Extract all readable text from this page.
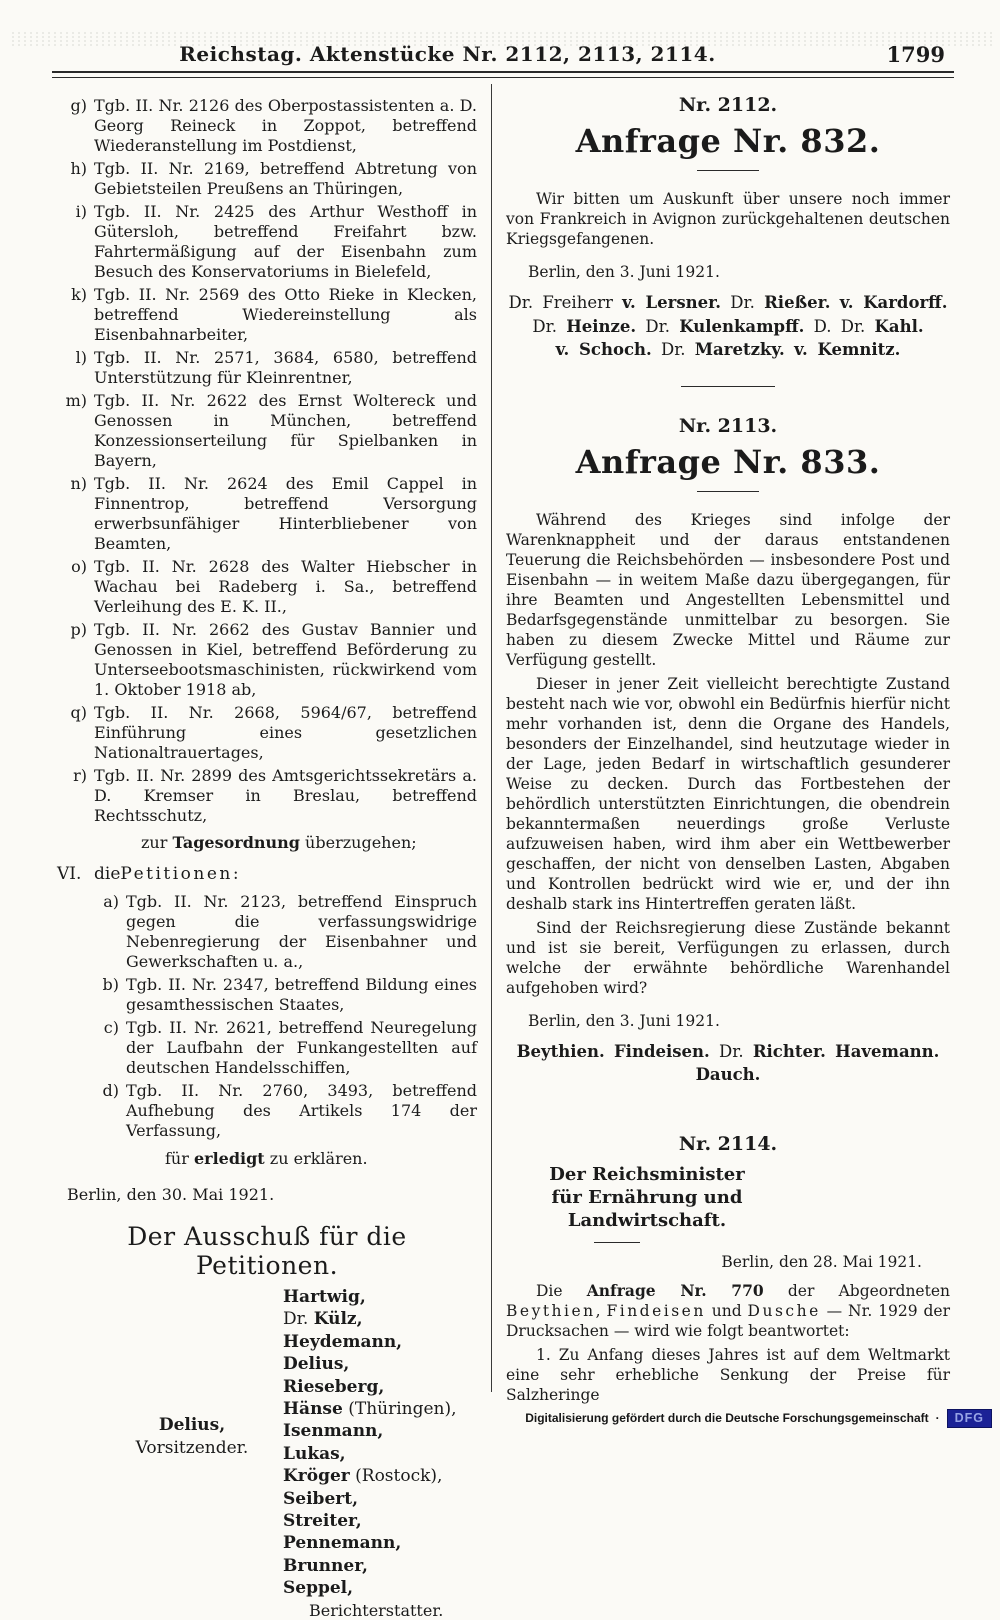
Reichstag. Aktenstücke Nr. 2112, 2113, 2114.	1799
g) Tgb. II. Nr. 2126 des Oberpostassistenten a. D. Georg Reineck in Zoppot, betreffend Wiederanstellung im Postdienst,
h) Tgb. II. Nr. 2169, betreffend Abtretung von Gebietsteilen Preußens an Thüringen,
i) Tgb. II. Nr. 2425 des Arthur Westhoff in Gütersloh, betreffend Freifahrt bzw. Fahrtermäßigung auf der Eisenbahn zum Besuch des Konservatoriums in Bielefeld,
k) Tgb. II. Nr. 2569 des Otto Rieke in Klecken, betreffend Wiedereinstellung als Eisenbahnarbeiter,
l) Tgb. II. Nr. 2571, 3684, 6580, betreffend Unterstützung für Kleinrentner,
m) Tgb. II. Nr. 2622 des Ernst Woltereck und Genossen in München, betreffend Konzessionserteilung für Spielbanken in Bayern,
n) Tgb. II. Nr. 2624 des Emil Cappel in Finnentrop, betreffend Versorgung erwerbsunfähiger Hinterbliebener von Beamten,
o) Tgb. II. Nr. 2628 des Walter Hiebscher in Wachau bei Radeberg i. Sa., betreffend Verleihung des E. K. II.,
p) Tgb. II. Nr. 2662 des Gustav Bannier und Genossen in Kiel, betreffend Beförderung zu Unterseebootsmaschinisten, rückwirkend vom 1. Oktober 1918 ab,
q) Tgb. II. Nr. 2668, 5964/67, betreffend Einführung eines gesetzlichen Nationaltrauertages,
r) Tgb. II. Nr. 2899 des Amtsgerichtssekretärs a. D. Kremser in Breslau, betreffend Rechtsschutz,
zur Tagesordnung überzugehen;
VI. die Petitionen:
a) Tgb. II. Nr. 2123, betreffend Einspruch gegen die verfassungswidrige Nebenregierung der Eisenbahner und Gewerkschaften u. a.,
b) Tgb. II. Nr. 2347, betreffend Bildung eines gesamthessischen Staates,
c) Tgb. II. Nr. 2621, betreffend Neuregelung der Laufbahn der Funkangestellten auf deutschen Handelsschiffen,
d) Tgb. II. Nr. 2760, 3493, betreffend Aufhebung des Artikels 174 der Verfassung,
für erledigt zu erklären.
Berlin, den 30. Mai 1921.
Der Ausschuß für die Petitionen.
Delius,
Vorsitzender.
Hartwig,
Dr. Külz,
Heydemann,
Delius,
Rieseberg,
Hänse (Thüringen),
Isenmann,
Lukas,
Kröger (Rostock),
Seibert,
Streiter,
Pennemann,
Brunner,
Seppel,
Berichterstatter.
Nr. 2112.
Anfrage Nr. 832.

Wir bitten um Auskunft über unsere noch immer von Frankreich in Avignon zurückgehaltenen deutschen Kriegsgefangenen.

Berlin, den 3. Juni 1921.
Dr. Freiherr v. Lersner. Dr. Rießer. v. Kardorff.
Dr. Heinze. Dr. Kulenkampff. D. Dr. Kahl.
v. Schoch. Dr. Maretzky. v. Kemnitz.
Nr. 2113.
Anfrage Nr. 833.

Während des Krieges sind infolge der Warenknappheit und der daraus entstandenen Teuerung die Reichsbehörden — insbesondere Post und Eisenbahn — in weitem Maße dazu übergegangen, für ihre Beamten und Angestellten Lebensmittel und Bedarfsgegenstände unmittelbar zu besorgen. Sie haben zu diesem Zwecke Mittel und Räume zur Verfügung gestellt.

Dieser in jener Zeit vielleicht berechtigte Zustand besteht nach wie vor, obwohl ein Bedürfnis hierfür nicht mehr vorhanden ist, denn die Organe des Handels, besonders der Einzelhandel, sind heutzutage wieder in der Lage, jeden Bedarf in wirtschaftlich gesunderer Weise zu decken. Durch das Fortbestehen der behördlich unterstützten Einrichtungen, die obendrein bekanntermaßen neuerdings große Verluste aufzuweisen haben, wird ihm aber ein Wettbewerber geschaffen, der nicht von denselben Lasten, Abgaben und Kontrollen bedrückt wird wie er, und der ihn deshalb stark ins Hintertreffen geraten läßt.

Sind der Reichsregierung diese Zustände bekannt und ist sie bereit, Verfügungen zu erlassen, durch welche der erwähnte behördliche Warenhandel aufgehoben wird?

Berlin, den 3. Juni 1921.
Beythien. Findeisen. Dr. Richter. Havemann.
Dauch.
Nr. 2114.
Der Reichsminister
für Ernährung und Landwirtschaft.
Berlin, den 28. Mai 1921.

Die Anfrage Nr. 770 der Abgeordneten Beythien, Findeisen und Dusche — Nr. 1929 der Drucksachen — wird wie folgt beantwortet:

1. Zu Anfang dieses Jahres ist auf dem Weltmarkt eine sehr erhebliche Senkung der Preise für Salzheringe

Digitalisierung gefördert durch die Deutsche Forschungsgemeinschaft ·	DFG
